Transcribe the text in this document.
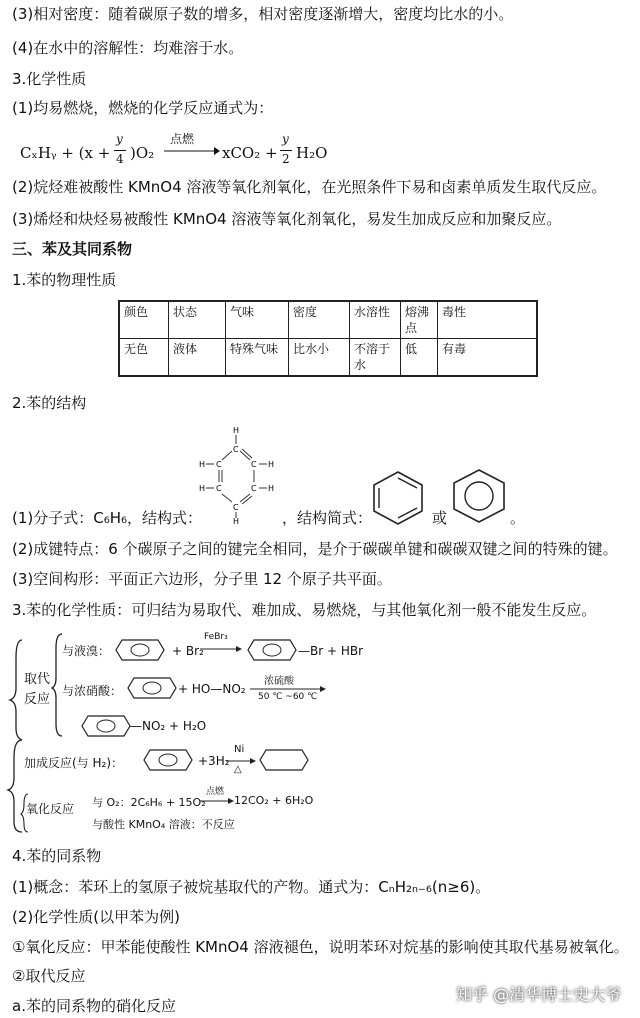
(3)相对密度：随着碳原子数的增多，相对密度逐渐增大，密度均比水的小。
(4)在水中的溶解性：均难溶于水。
3.化学性质
(1)均易燃烧，燃烧的化学反应通式为：
CₓHᵧ + (x +
y
4 )O₂
点燃
→ xCO₂ +
y
2 H₂O
(2)烷烃难被酸性 KMnO4 溶液等氧化剂氧化，在光照条件下易和卤素单质发生取代反应。
(3)烯烃和炔烃易被酸性 KMnO4 溶液等氧化剂氧化，易发生加成反应和加聚反应。
三、苯及其同系物
1.苯的物理性质
颜色	状态	气味	密度	水溶性	熔沸点	毒性
无色	液体	特殊气味	比水小	不溶于水	低	有毒
2.苯的结构
H
C
C	C
H	H
C	C
H	H
C
H
(1)分子式：C₆H₆，结构式：	，结构简式：	或	。
(2)成键特点：6 个碳原子之间的键完全相同，是介于碳碳单键和碳碳双键之间的特殊的键。
(3)空间构形：平面正六边形，分子里 12 个原子共平面。
3.苯的化学性质：可归结为易取代、难加成、易燃烧，与其他氧化剂一般不能发生反应。
取代
反应
与液溴：	+ Br₂
FeBr₃
—Br + HBr
与浓硝酸：	+ HO—NO₂
浓硫酸
50 ℃ ~60 ℃
—NO₂ + H₂O
加成反应(与 H₂)：	+3H₂
Ni
△
氧化反应 与 O₂：2C₆H₆ + 15O₂
点燃
→ 12CO₂ + 6H₂O
与酸性 KMnO₄ 溶液：不反应
4.苯的同系物
(1)概念：苯环上的氢原子被烷基取代的产物。通式为：CₙH₂ₙ₋₆(n≥6)。
(2)化学性质(以甲苯为例)
①氧化反应：甲苯能使酸性 KMnO4 溶液褪色，说明苯环对烷基的影响使其取代基易被氧化。
②取代反应
a.苯的同系物的硝化反应
知乎 @清华博士史大爷
